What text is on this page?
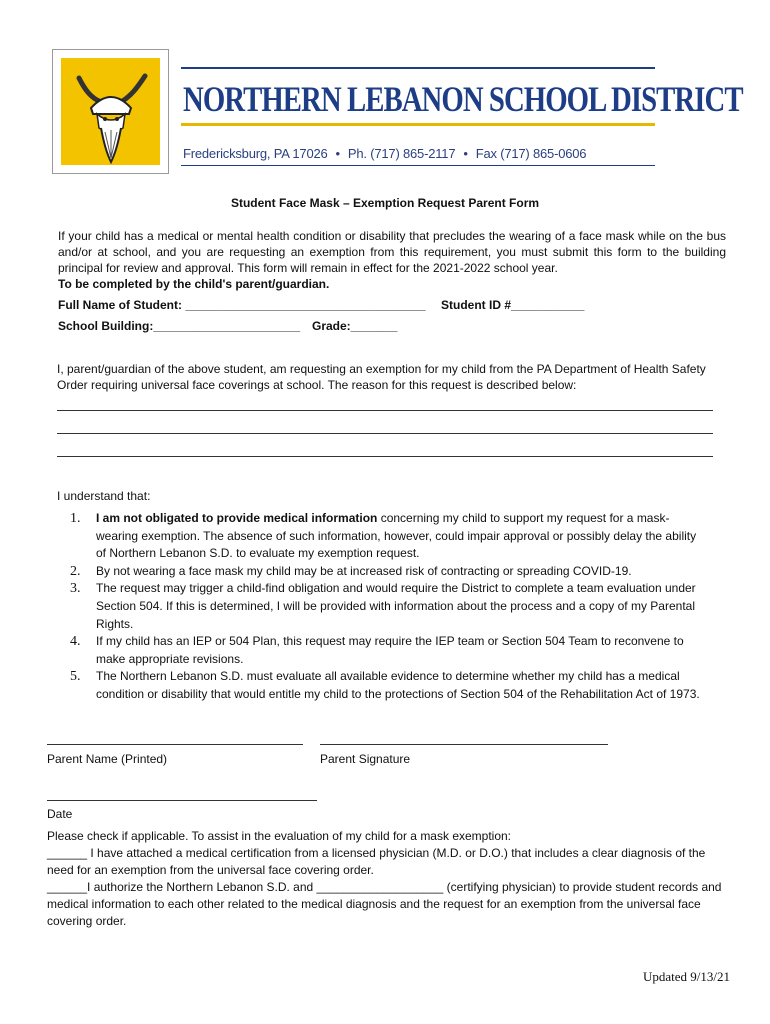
NORTHERN LEBANON SCHOOL DISTRICT
Fredericksburg, PA 17026 • Ph. (717) 865-2117 • Fax (717) 865-0606
Student Face Mask – Exemption Request Parent Form
If your child has a medical or mental health condition or disability that precludes the wearing of a face mask while on the bus and/or at school, and you are requesting an exemption from this requirement, you must submit this form to the building principal for review and approval. This form will remain in effect for the 2021-2022 school year.
To be completed by the child's parent/guardian.
Full Name of Student: ____________________________________ Student ID #___________
School Building:______________________ Grade:_______
I, parent/guardian of the above student, am requesting an exemption for my child from the PA Department of Health Safety Order requiring universal face coverings at school. The reason for this request is described below:
I understand that:
1. I am not obligated to provide medical information concerning my child to support my request for a mask-wearing exemption. The absence of such information, however, could impair approval or possibly delay the ability of Northern Lebanon S.D. to evaluate my exemption request.
2. By not wearing a face mask my child may be at increased risk of contracting or spreading COVID-19.
3. The request may trigger a child-find obligation and would require the District to complete a team evaluation under Section 504. If this is determined, I will be provided with information about the process and a copy of my Parental Rights.
4. If my child has an IEP or 504 Plan, this request may require the IEP team or Section 504 Team to reconvene to make appropriate revisions.
5. The Northern Lebanon S.D. must evaluate all available evidence to determine whether my child has a medical condition or disability that would entitle my child to the protections of Section 504 of the Rehabilitation Act of 1973.
Parent Name (Printed)	Parent Signature
Date
Please check if applicable. To assist in the evaluation of my child for a mask exemption:
______ I have attached a medical certification from a licensed physician (M.D. or D.O.) that includes a clear diagnosis of the need for an exemption from the universal face covering order.
______I authorize the Northern Lebanon S.D. and ___________________ (certifying physician) to provide student records and medical information to each other related to the medical diagnosis and the request for an exemption from the universal face covering order.
Updated 9/13/21
